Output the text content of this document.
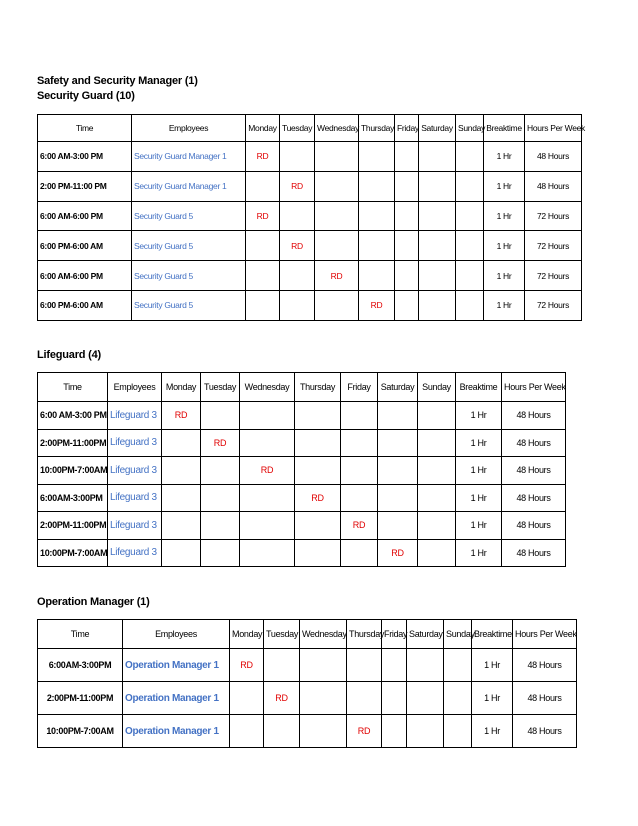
Safety and Security Manager (1)
Security Guard (10)
Time	Employees	Monday	Tuesday	Wednesday	Thursday	Friday	Saturday	Sunday	Breaktime	Hours Per Week
6:00 AM-3:00 PM	Security Guard Manager 1	RD							1 Hr	48 Hours
2:00 PM-11:00 PM	Security Guard Manager 1		RD						1 Hr	48 Hours
6:00 AM-6:00 PM	Security Guard 5	RD							1 Hr	72 Hours
6:00 PM-6:00 AM	Security Guard 5		RD						1 Hr	72 Hours
6:00 AM-6:00 PM	Security Guard 5			RD					1 Hr	72 Hours
6:00 PM-6:00 AM	Security Guard 5				RD				1 Hr	72 Hours
Lifeguard (4)
Time	Employees	Monday	Tuesday	Wednesday	Thursday	Friday	Saturday	Sunday	Breaktime	Hours Per Week
6:00 AM-3:00 PM	Lifeguard 3	RD							1 Hr	48 Hours
2:00PM-11:00PM	Lifeguard 3		RD						1 Hr	48 Hours
10:00PM-7:00AM	Lifeguard 3			RD					1 Hr	48 Hours
6:00AM-3:00PM	Lifeguard 3				RD				1 Hr	48 Hours
2:00PM-11:00PM	Lifeguard 3					RD			1 Hr	48 Hours
10:00PM-7:00AM	Lifeguard 3						RD		1 Hr	48 Hours
Operation Manager (1)
Time	Employees	Monday	Tuesday	Wednesday	Thursday	Friday	Saturday	Sunday	Breaktime	Hours Per Week
6:00AM-3:00PM	Operation Manager 1	RD							1 Hr	48 Hours
2:00PM-11:00PM	Operation Manager 1		RD						1 Hr	48 Hours
10:00PM-7:00AM	Operation Manager 1				RD				1 Hr	48 Hours
